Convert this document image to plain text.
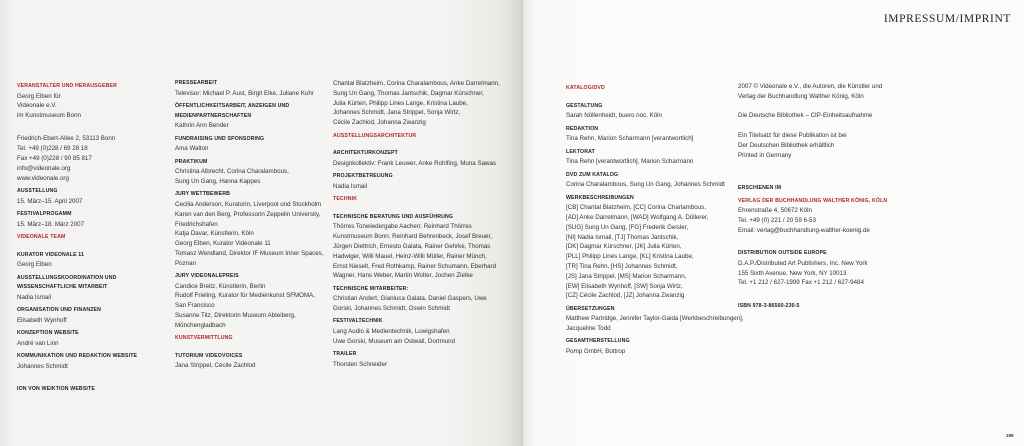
IMPRESSUM/IMPRINT
199
VERANSTALTER UND HERAUSGEBER
Georg Elben für
Videonale e.V.
im Kunstmuseum Bonn

Friedrich-Ebert-Allee 2, 53113 Bonn
Tel. +49 (0)228 / 69 28 18
Fax +49 (0)228 / 90 85 817
info@videonale.org
www.videonale.org
AUSSTELLUNG
15. März–15. April 2007
FESTIVALPROGAMM
15. März–18. März 2007
VIDEONALE TEAM
KURATOR VIDEONALE 11
Georg Elben
AUSSTELLUNGSKOORDINATION UND
WISSENSCHAFTLICHE MITARBEIT
Nadia Ismail
ORGANISATION UND FINANZEN
Elisabeth Wynhoff
KONZEPTION WEBSITE
André van Linn
KOMMUNIKATION UND REDAKTION WEBSITE
Johannes Schmidt

ION VON WEIKTION WEBSITE
PRESSEARBEIT
Televisor: Michael P. Aust, Birgit Elke, Juliane Kuhr
ÖFFENTLICHKEITSARBEIT, ANZEIGEN UND
MEDIENPARTNERSCHAFTEN
Kathrin Ann Bender
FUNDRAISING UND SPONSORING
Ama Walton
PRAKTIKUM
Christina Albrecht, Corina Charalambous,
Sung Un Gang, Hanna Kappes
JURY WETTBEWERB
Cecilia Anderson, Kuratorin, Liverpool und Stockholm
Karen van den Berg, Professorin Zeppelin University,
Friedrichshafen
Katja Davar, Künstlerin, Köln
Georg Elben, Kurator Videonale 11
Tomasz Wendland, Direktor IF Museum Inner Spaces,
Poznan
JURY VIDEONALEPREIS
Candice Breitz, Künstlerin, Berlin
Rudolf Frieling, Kurator für Medienkunst SFMOMA,
San Francisco
Susanne Titz, Direktorin Museum Abteiberg,
Mönchengladbach
KUNSTVERMITTLUNG
TUTORIUM VIDEOVOICES
Jana Strippel, Cécile Zachlod
Chantal Blatzheim, Corina Charalambous, Anke Darrelmann,
Sung Un Gang, Thomas Jantschik, Dagmar Kürschner,
Julia Kürten, Philipp Lines Lange, Kristina Laube,
Johannes Schmidt, Jana Strippel, Sonja Wirtz,
Cécile Zachlod, Johanna Zwanzig
AUSSTELLUNGSARCHITEKTUR
ARCHITEKTURKONZEPT
Designkollektiv: Frank Leuwer, Anke Rohlfing, Muna Sawas
PROJEKTBETREUUNG
Nadia Ismail
TECHNIK
TECHNISCHE BERATUNG UND AUSFÜHRUNG
Thörres Tonwiedergabe Aachen: Reinhard Thörres
Kunstmuseum Bonn: Reinhard Behrenbeck, Josef Breuer,
Jürgen Diettrich, Ernesto Galata, Rainer Gehrke, Thomas
Hadwiger, Willi Mauel, Heinz-Willi Müller, Rainer Münch,
Ernst Nieselt, Fred Rothkamp, Rainer Schumann, Eberhard
Wagner, Hans Weber, Martin Wolter, Jochen Zielke
TECHNISCHE MITARBEITER:
Christian Andert, Gianluca Galata, Daniel Gaspers, Uwe
Gorski, Johannes Schmidt, Oswin Schmidt
FESTIVALTECHNIK
Lang Audio & Medientechnik, Luwigshafen
Uwe Gorski, Museum am Ostwall, Dortmund
TRAILER
Thorsten Schneider
KATALOG/DVD
GESTALTUNG
Sarah Nöllenheidt, buero noc, Köln
REDAKTION
Tina Rehn, Marion Scharmann [verantwortlich]
LEKTORAT
Tina Rehn [verantwortlich], Marion Scharmann
DVD ZUM KATALOG
Corina Charalambous, Sung Un Gang, Johannes Schmidt
WERKBESCHREIBUNGEN
[CB] Chantal Blatzheim, [CC] Corina Charlambous,
[AD] Anke Darrelmann, [WAD] Wolfgang A. Döllerer,
[SUG] Sung Un Gang, [FG] Frederik Geisler,
[NI] Nadia Ismail, [TJ] Thomas Jantschik,
[DK] Dagmar Kürschner, [JK] Julia Kürten,
[PLL] Philipp Lines Lange, [KL] Kristina Laube,
[TR] Tina Rehn, [HS] Johannes Schmidt,
[JS] Jana Strippel, [MS] Marion Scharmann,
[EW] Elisabeth Wynhoff, [SW] Sonja Wirtz,
[CZ] Cécile Zachlod, [JZ] Johanna Zwanzig
ÜBERSETZUNGEN
Matthew Partridge, Jennifer Taylor-Gaida [Werkbeschreibungen],
Jacqueline Todd
GESAMTHERSTELLUNG
Pomp GmbH, Bottrop
2007 © Videonale e.V., die Autoren, die Künstler und
Verlag der Buchhandlung Walther König, Köln

Die Deutsche Bibliothek – CIP-Einheitsaufnahme

Ein Titelsatz für diese Publikation ist bei
Der Deutschen Bibliothek erhältlich
Printed in Germany

ERSCHIENEN IM
VERLAG DER BUCHHANDLUNG WALTHER KÖNIG, KÖLN
Ehrenstraße 4, 50672 Köln
Tel. +49 (0) 221 / 20 59 6-53
Email: verlag@buchhandlung-walther-koenig.de

DISTRIBUTION OUTSIDE EUROPE
D.A.P./Distributed Art Publishers, Inc. New York
155 Sixth Avenue, New York, NY 10013
Tel. +1 212 / 627-1999 Fax +1 212 / 627-9484

ISBN 978-3-86560-230-5
